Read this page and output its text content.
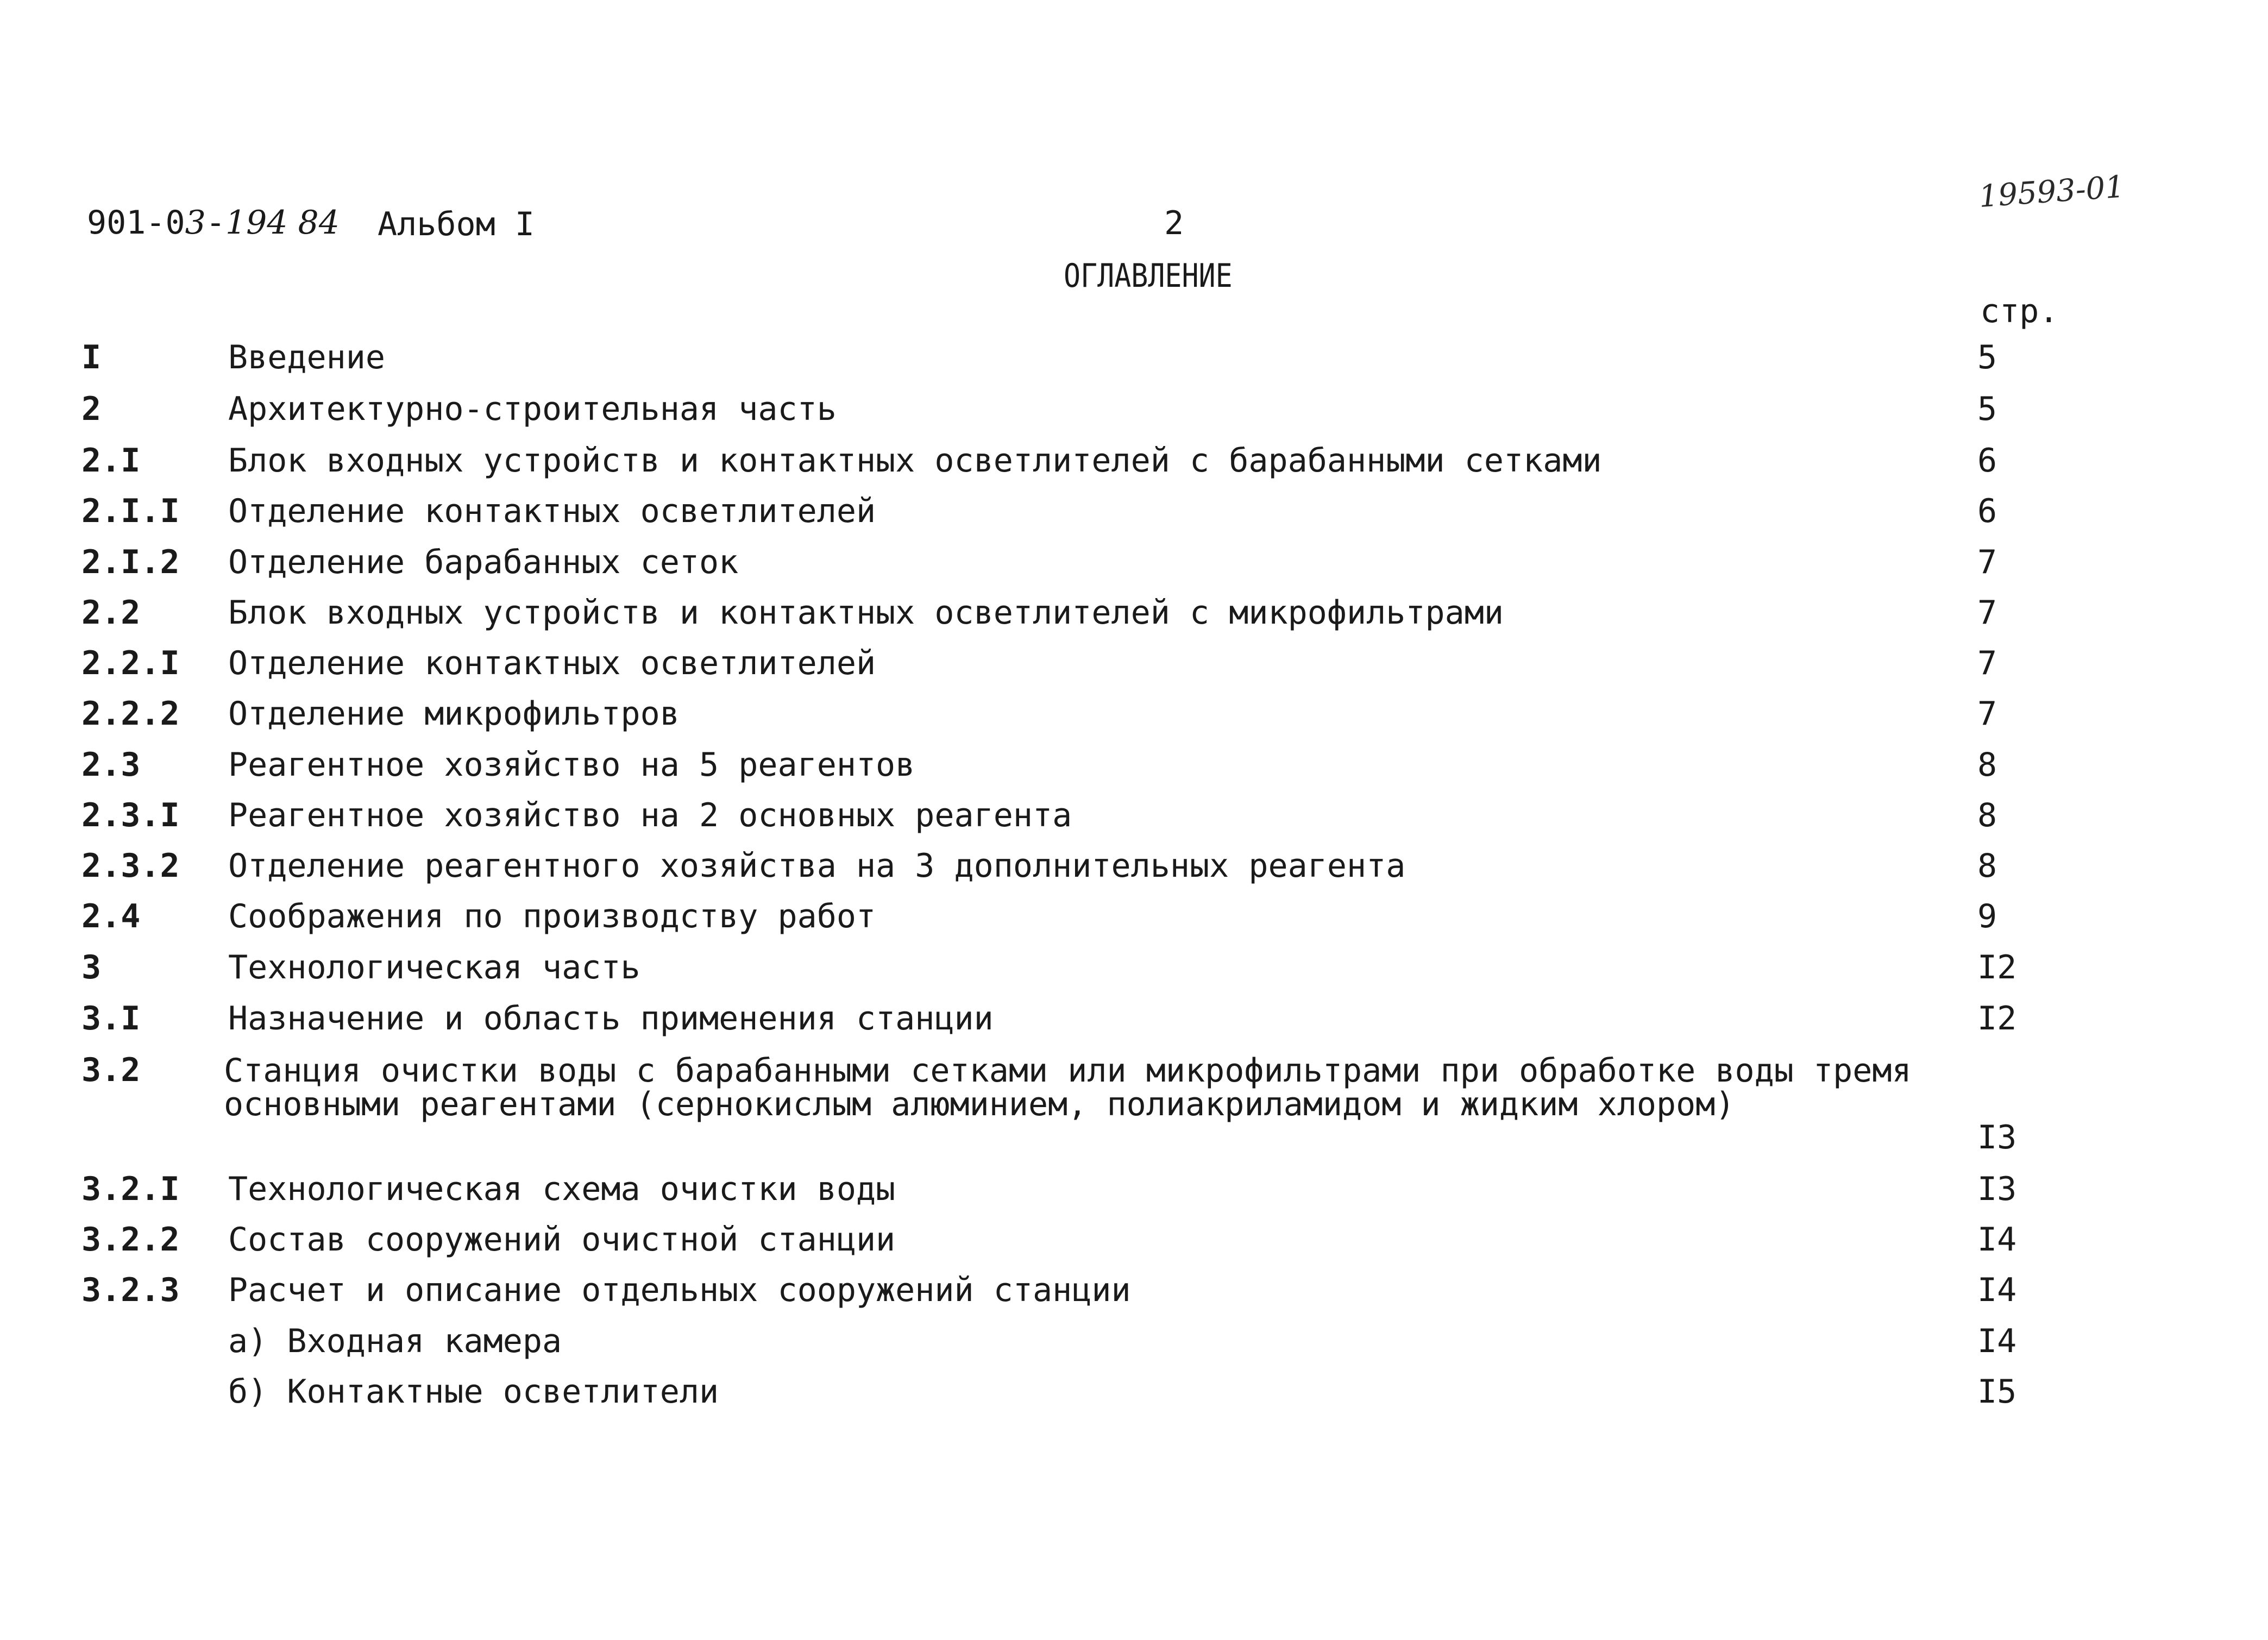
901-03-194 84 Альбом I	2
19593-01
ОГЛАВЛЕНИЕ
стр.
I	Введение	5
2	Архитектурно-строительная часть	5
2.I	Блок входных устройств и контактных осветлителей с барабанными сетками	6
2.I.I Отделение контактных осветлителей	6
2.I.2 Отделение барабанных сеток	7
2.2	Блок входных устройств и контактных осветлителей с микрофильтрами	7
2.2.I Отделение контактных осветлителей	7
2.2.2 Отделение микрофильтров	7
2.3	Реагентное хозяйство на 5 реагентов	8
2.3.I Реагентное хозяйство на 2 основных реагента	8
2.3.2 Отделение реагентного хозяйства на 3 дополнительных реагента	8
2.4	Соображения по производству работ	9
3	Технологическая часть	I2
3.I	Назначение и область применения станции	I2
3.2	Станция очистки воды с барабанными сетками или микрофильтрами при обработке воды тремя основными реагентами (сернокислым алюминием, полиакриламидом и жидким хлором)
I3
3.2.I Технологическая схема очистки воды	I3
3.2.2 Состав сооружений очистной станции	I4
3.2.3 Расчет и описание отдельных сооружений станции	I4
а) Входная камера	I4
б) Контактные осветлители	I5
